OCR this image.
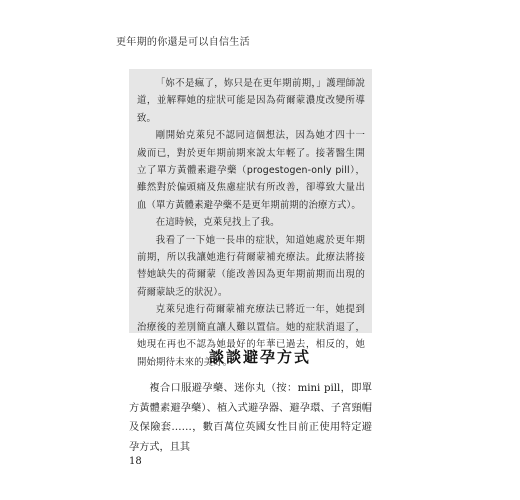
更年期的你還是可以自信生活

「妳不是瘋了，妳只是在更年期前期，」護理師說道，並解釋她的症狀可能是因為荷爾蒙濃度改變所導致。

剛開始克萊兒不認同這個想法，因為她才四十一歲而已，對於更年期前期來說太年輕了。接著醫生開立了單方黃體素避孕藥（progestogen-only pill），雖然對於偏頭痛及焦慮症狀有所改善，卻導致大量出血（單方黃體素避孕藥不是更年期前期的治療方式）。

在這時候，克萊兒找上了我。

我看了一下她一長串的症狀，知道她處於更年期前期，所以我讓她進行荷爾蒙補充療法。此療法將接替她缺失的荷爾蒙（能改善因為更年期前期而出現的荷爾蒙缺乏的狀況）。

克萊兒進行荷爾蒙補充療法已將近一年，她提到治療後的差別簡直讓人難以置信。她的症狀消退了，她現在再也不認為她最好的年華已過去，相反的，她開始期待未來的美好。

談談避孕方式

複合口服避孕藥、迷你丸（按：mini pill，即單方黃體素避孕藥）、植入式避孕器、避孕環、子宮頸帽及保險套……，數百萬位英國女性目前正使用特定避孕方式，且其

18
